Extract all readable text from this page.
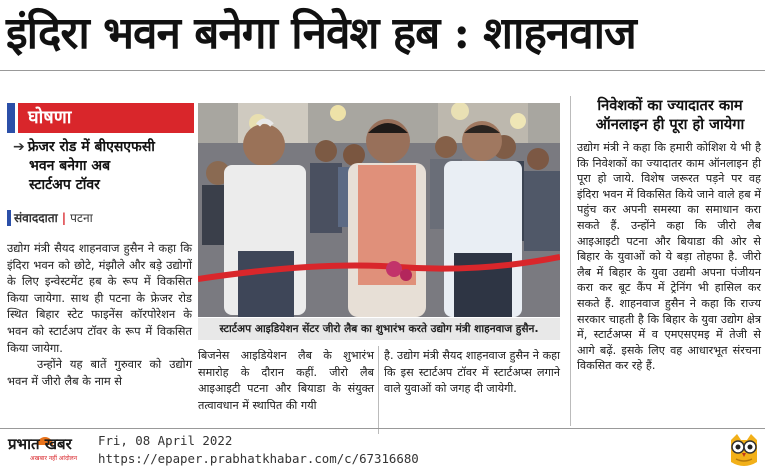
इंदिरा भवन बनेगा निवेश हब : शाहनवाज
घोषणा
➔ फ्रेजर रोड में बीएसएफसी
भवन बनेगा अब
स्टार्टअप टॉवर
संवाददाता | पटना
उद्योग मंत्री सैयद शाहनवाज हुसैन ने कहा कि इंदिरा भवन को छोटे, मंझौले और बड़े उद्योगों के लिए इन्वेस्टमेंट हब के रूप में विकसित किया जायेगा. साथ ही पटना के फ्रेजर रोड स्थित बिहार स्टेट फाइनेंस कॉरपोरेशन के भवन को स्टार्टअप टॉवर के रूप में विकसित किया जायेगा.
उन्होंने यह बातें गुरुवार को उद्योग भवन में जीरो लैब के नाम से
स्टार्टअप आइडियेशन सेंटर जीरो लैब का शुभारंभ करते उद्योग मंत्री शाहनवाज हुसैन.
बिजनेस आइडियेशन लैब के शुभारंभ समारोह के दौरान कहीं. जीरो लैब आइआइटी पटना और बियाडा के संयुक्त तत्वावधान में स्थापित की गयी
है. उद्योग मंत्री सैयद शाहनवाज हुसैन ने कहा कि इस स्टार्टअप टॉवर में स्टार्टअप्स लगाने वाले युवाओं को जगह दी जायेगी.
निवेशकों का ज्यादातर काम ऑनलाइन ही पूरा हो जायेगा
उद्योग मंत्री ने कहा कि हमारी कोशिश ये भी है कि निवेशकों का ज्यादातर काम ऑनलाइन ही पूरा हो जाये. विशेष जरूरत पड़ने पर वह इंदिरा भवन में विकसित किये जाने वाले हब में पहुंच कर अपनी समस्या का समाधान करा सकते हैं. उन्होंने कहा कि जीरो लैब आइआइटी पटना और बियाडा की ओर से बिहार के युवाओं को ये बड़ा तोहफा है. जीरो लैब में बिहार के युवा उद्यमी अपना पंजीयन करा कर बूट कैंप में ट्रेनिंग भी हासिल कर सकते हैं. शाहनवाज हुसैन ने कहा कि राज्य सरकार चाहती है कि बिहार के युवा उद्योग क्षेत्र में, स्टार्टअप्स में व एमएसएमइ में तेजी से आगे बढ़ें. इसके लिए वह आधारभूत संरचना विकसित कर रहे हैं.
प्रभात खबर
अखबार नहीं आंदोलन
Fri, 08 April 2022
https://epaper.prabhatkhabar.com/c/67316680
